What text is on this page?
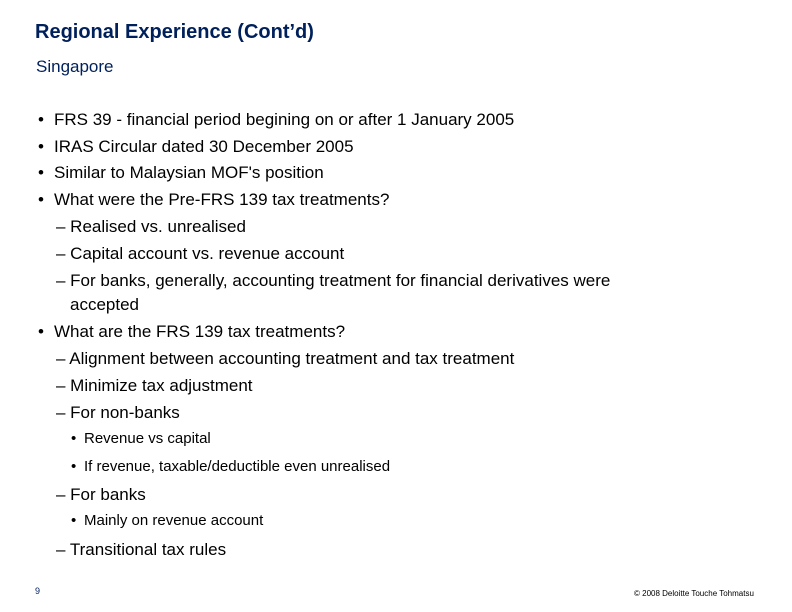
Regional Experience (Cont’d)
Singapore
• FRS 39 - financial period begining on or after 1 January 2005
• IRAS Circular dated 30 December 2005
• Similar to Malaysian MOF's position
• What were the Pre-FRS 139 tax treatments?
– Realised vs. unrealised
– Capital account vs. revenue account
– For banks, generally, accounting treatment for financial derivatives were
accepted
• What are the FRS 139 tax treatments?
– Alignment between accounting treatment and tax treatment
– Minimize tax adjustment
– For non-banks
• Revenue vs capital
• If revenue, taxable/deductible even unrealised
– For banks
• Mainly on revenue account
– Transitional tax rules
9	© 2008 Deloitte Touche Tohmatsu
